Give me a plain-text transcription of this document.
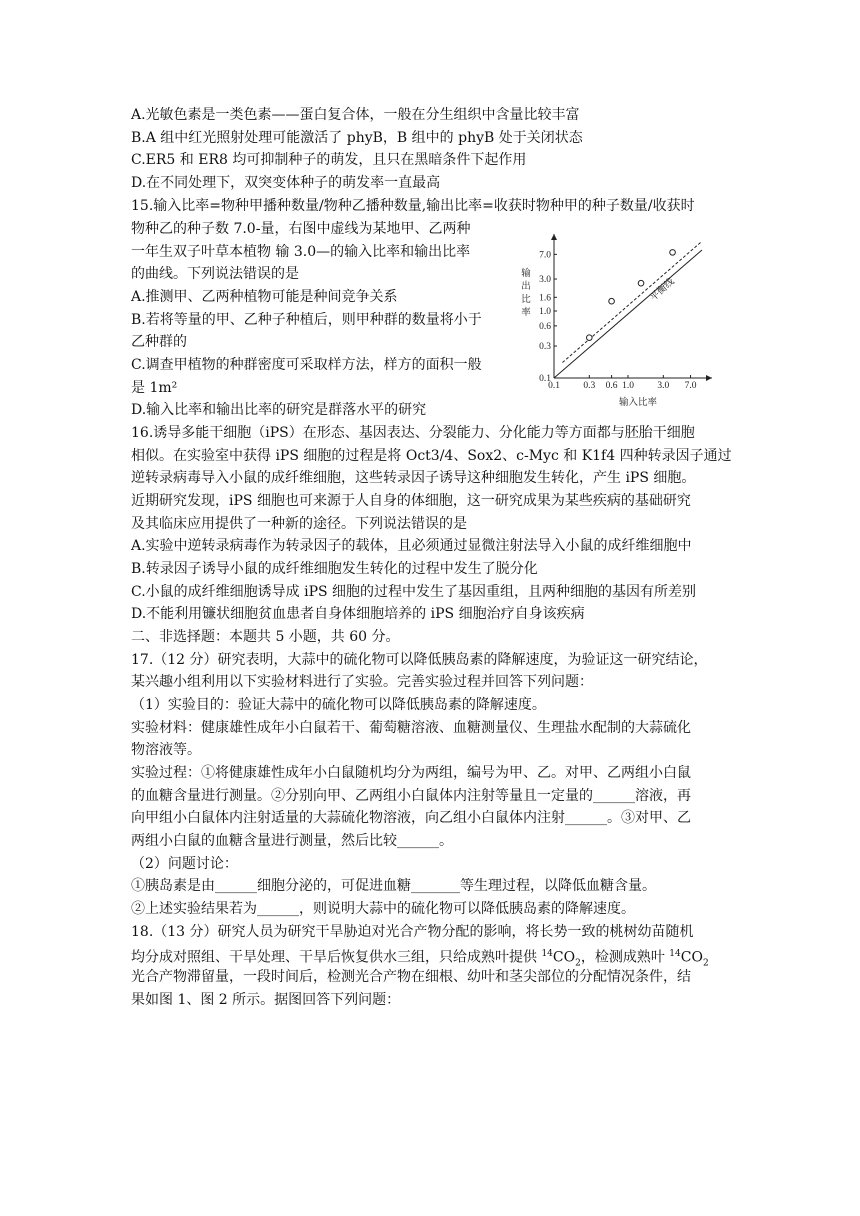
A.光敏色素是一类色素——蛋白复合体，一般在分生组织中含量比较丰富
B.A 组中红光照射处理可能激活了 phyB，B 组中的 phyB 处于关闭状态
C.ER5 和 ER8 均可抑制种子的萌发，且只在黑暗条件下起作用
D.在不同处理下，双突变体种子的萌发率一直最高
15.输入比率=物种甲播种数量/物种乙播种数量,输出比率=收获时物种甲的种子数量/收获时
物种乙的种子数 7.0-量，右图中虚线为某地甲、乙两种
一年生双子叶草本植物 输 3.0—的输入比率和输出比率
的曲线。下列说法错误的是
A.推测甲、乙两种植物可能是种间竞争关系
B.若将等量的甲、乙种子种植后，则甲种群的数量将小于
乙种群的
C.调查甲植物的种群密度可采取样方法，样方的面积一般
是 1m²
D.输入比率和输出比率的研究是群落水平的研究
0.1 0.3 0.6 1.0 3.0 7.0
0.1
0.3
0.6
1.0
1.6
3.0
7.0
输入比率
输
出
比
率
平衡线
16.诱导多能干细胞（iPS）在形态、基因表达、分裂能力、分化能力等方面都与胚胎干细胞
相似。在实验室中获得 iPS 细胞的过程是将 Oct3/4、Sox2、c-Myc 和 K1f4 四种转录因子通过
逆转录病毒导入小鼠的成纤维细胞，这些转录因子诱导这种细胞发生转化，产生 iPS 细胞。
近期研究发现，iPS 细胞也可来源于人自身的体细胞，这一研究成果为某些疾病的基础研究
及其临床应用提供了一种新的途径。下列说法错误的是
A.实验中逆转录病毒作为转录因子的载体，且必须通过显微注射法导入小鼠的成纤维细胞中
B.转录因子诱导小鼠的成纤维细胞发生转化的过程中发生了脱分化
C.小鼠的成纤维细胞诱导成 iPS 细胞的过程中发生了基因重组，且两种细胞的基因有所差别
D.不能利用镰状细胞贫血患者自身体细胞培养的 iPS 细胞治疗自身该疾病
二、非选择题：本题共 5 小题，共 60 分。
17.（12 分）研究表明，大蒜中的硫化物可以降低胰岛素的降解速度，为验证这一研究结论，
某兴趣小组利用以下实验材料进行了实验。完善实验过程并回答下列问题：
（1）实验目的：验证大蒜中的硫化物可以降低胰岛素的降解速度。
实验材料：健康雄性成年小白鼠若干、葡萄糖溶液、血糖测量仪、生理盐水配制的大蒜硫化
物溶液等。
实验过程：①将健康雄性成年小白鼠随机均分为两组，编号为甲、乙。对甲、乙两组小白鼠
的血糖含量进行测量。②分别向甲、乙两组小白鼠体内注射等量且一定量的______溶液，再
向甲组小白鼠体内注射适量的大蒜硫化物溶液，向乙组小白鼠体内注射______。③对甲、乙
两组小白鼠的血糖含量进行测量，然后比较______。
（2）问题讨论：
①胰岛素是由______细胞分泌的，可促进血糖_______等生理过程，以降低血糖含量。
②上述实验结果若为______，则说明大蒜中的硫化物可以降低胰岛素的降解速度。
18.（13 分）研究人员为研究干旱胁迫对光合产物分配的影响，将长势一致的桃树幼苗随机
均分成对照组、干旱处理、干旱后恢复供水三组，只给成熟叶提供 $^{14}CO_2$，检测成熟叶 $^{14}CO_2$
光合产物滞留量，一段时间后，检测光合产物在细根、幼叶和茎尖部位的分配情况条件，结
果如图 1、图 2 所示。据图回答下列问题：
